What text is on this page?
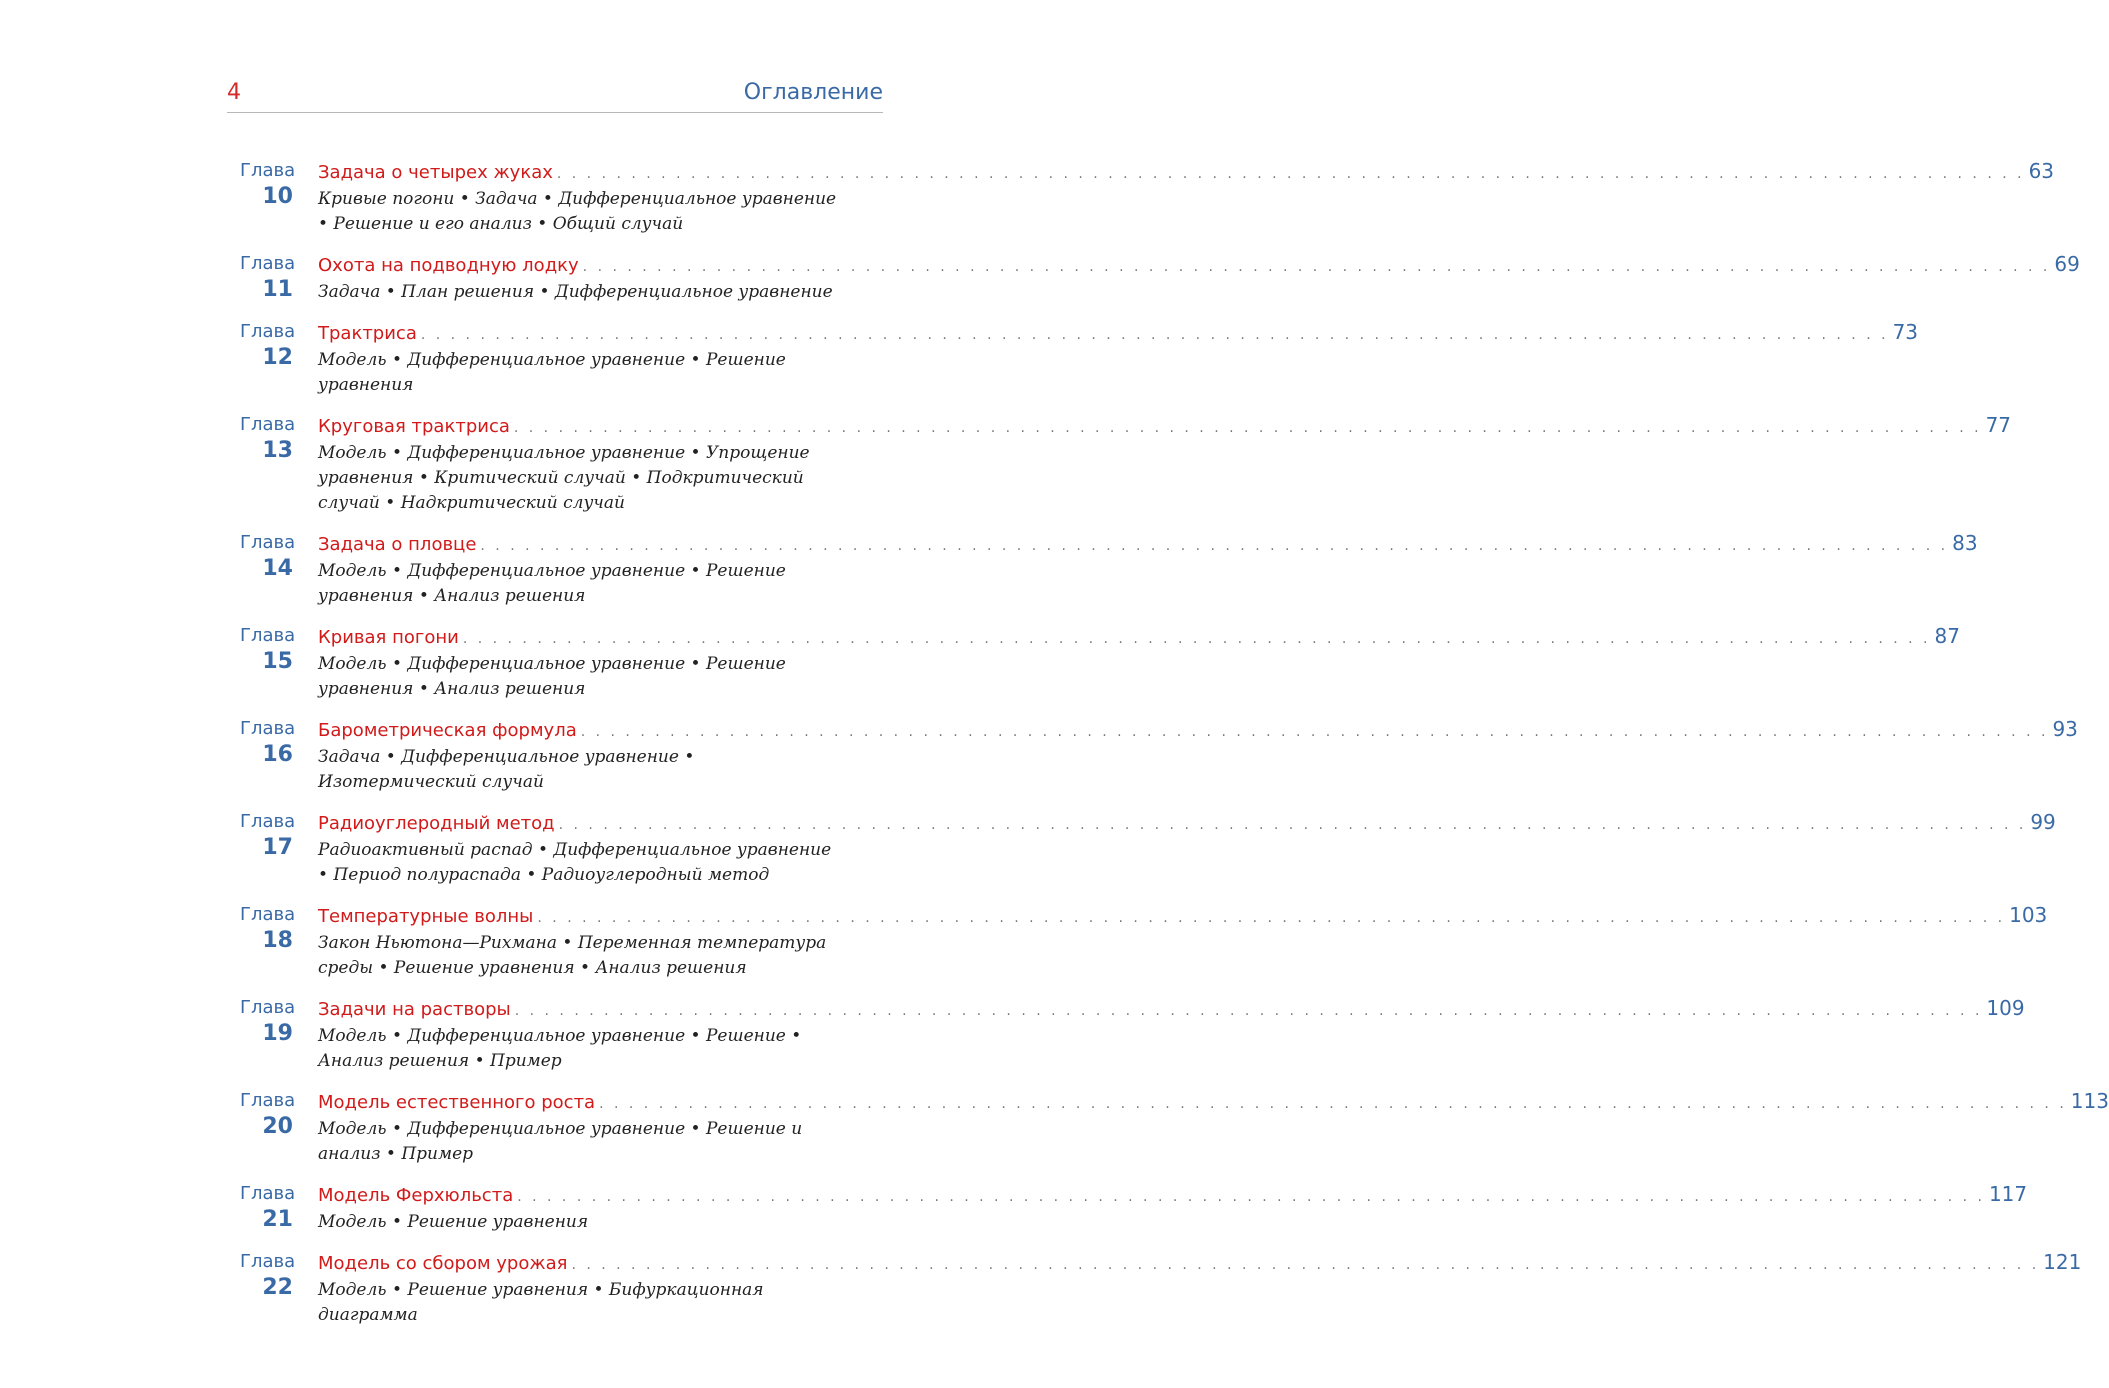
4	Оглавление
Глава
10
Задача о четырех жуках . . .	63
Кривые погони • Задача • Дифференциальное уравнение • Решение и его анализ • Общий случай
Глава
11
Охота на подводную лодку . . .	69
Задача • План решения • Дифференциальное уравнение
Глава
12
Трактриса . . .	73
Модель • Дифференциальное уравнение • Решение уравнения
Глава
13
Круговая трактриса . . .	77
Модель • Дифференциальное уравнение • Упрощение уравнения • Критический случай • Подкритический случай • Надкритический случай
Глава
14
Задача о пловце . . .	83
Модель • Дифференциальное уравнение • Решение уравнения • Анализ решения
Глава
15
Кривая погони . . .	87
Модель • Дифференциальное уравнение • Решение уравнения • Анализ решения
Глава
16
Барометрическая формула . . .	93
Задача • Дифференциальное уравнение • Изотермический случай
Глава
17
Радиоуглеродный метод . . .	99
Радиоактивный распад • Дифференциальное уравнение • Период полураспада • Радиоуглеродный метод
Глава
18
Температурные волны . . .	103
Закон Ньютона—Рихмана • Переменная температура среды • Решение уравнения • Анализ решения
Глава
19
Задачи на растворы . . .	109
Модель • Дифференциальное уравнение • Решение • Анализ решения • Пример
Глава
20
Модель естественного роста . . .	113
Модель • Дифференциальное уравнение • Решение и анализ • Пример
Глава
21
Модель Ферхюльста . . .	117
Модель • Решение уравнения
Глава
22
Модель со сбором урожая . . .	121
Модель • Решение уравнения • Бифуркационная диаграмма
